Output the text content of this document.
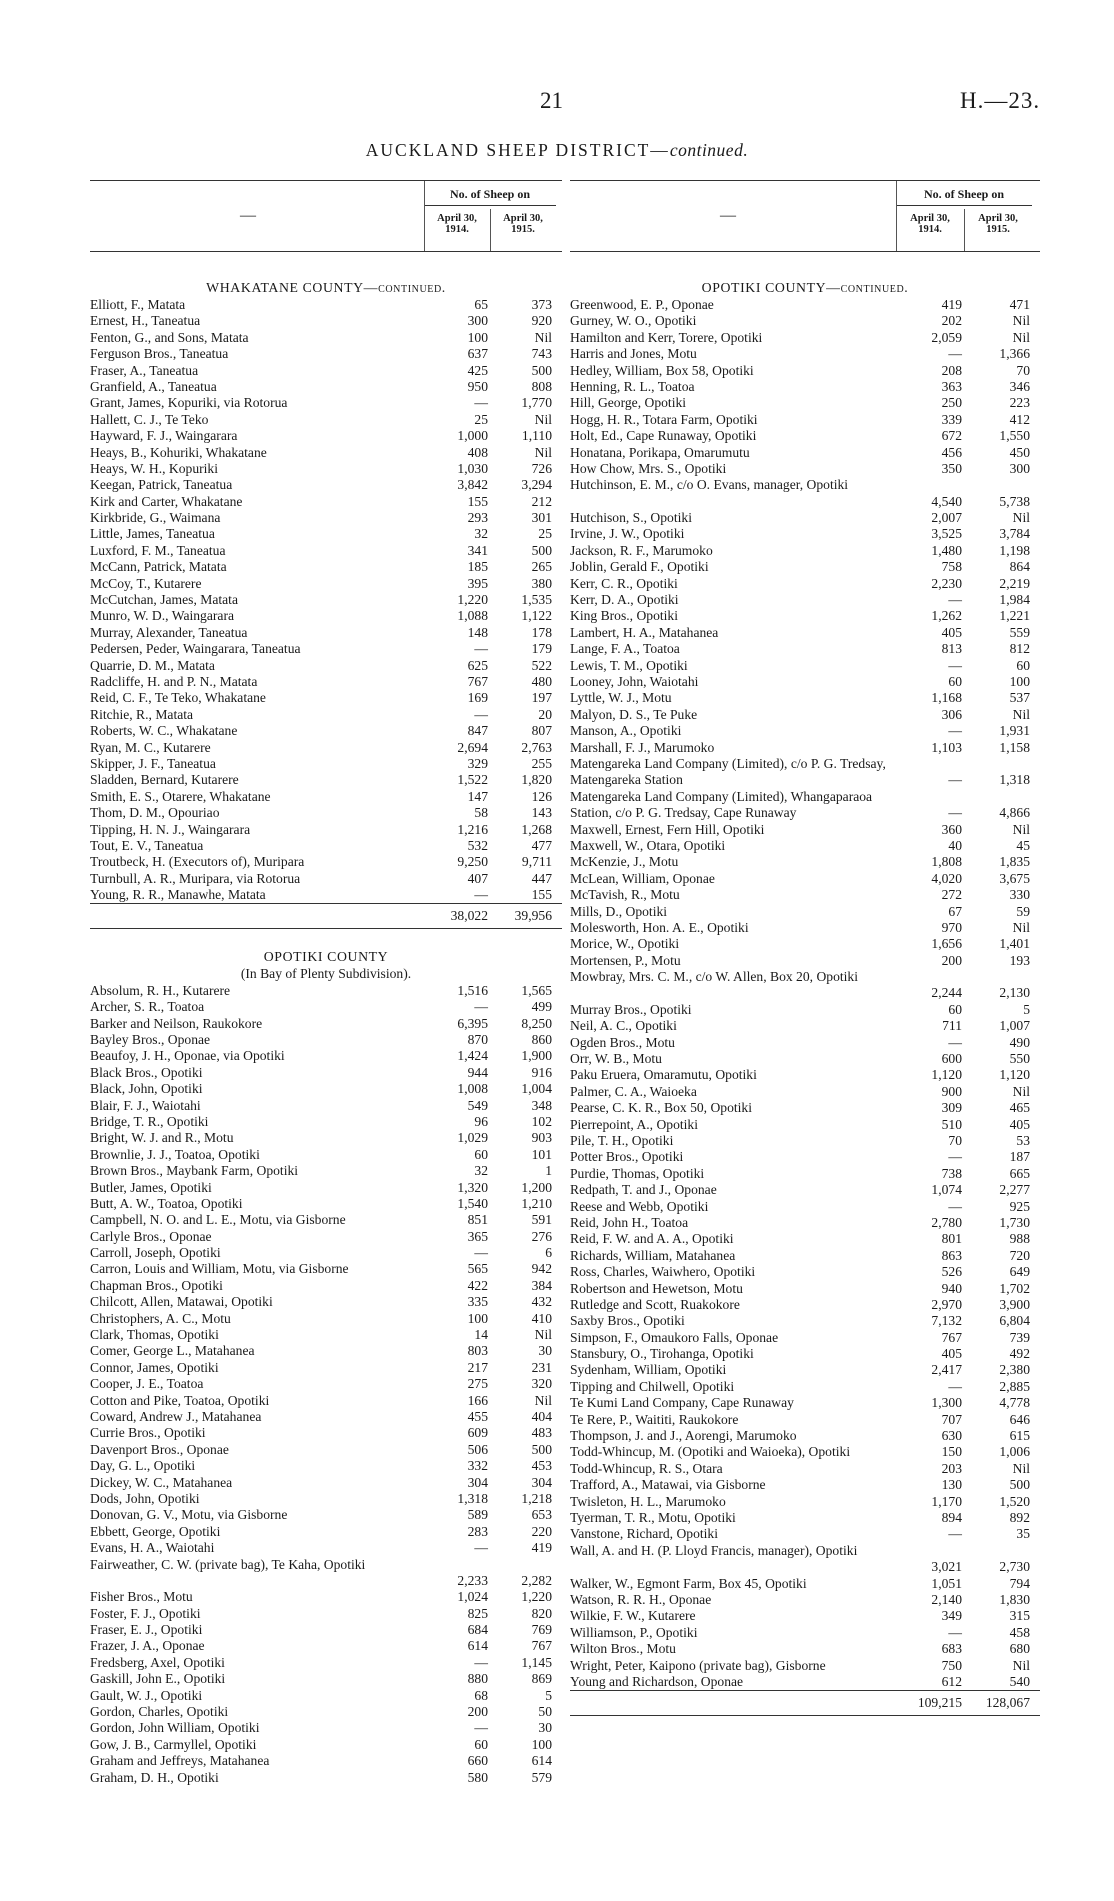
21	H.—23.
AUCKLAND SHEEP DISTRICT—continued.
—
No. of Sheep on
April 30, 1914.
April 30, 1915.
WHAKATANE COUNTY—continued.
Elliott, F., Matata	65	373
Ernest, H., Taneatua	300	920
Fenton, G., and Sons, Matata	100	Nil
Ferguson Bros., Taneatua	637	743
Fraser, A., Taneatua	425	500
Granfield, A., Taneatua	950	808
Grant, James, Kopuriki, via Rotorua	—	1,770
Hallett, C. J., Te Teko	25	Nil
Hayward, F. J., Waingarara	1,000	1,110
Heays, B., Kohuriki, Whakatane	408	Nil
Heays, W. H., Kopuriki	1,030	726
Keegan, Patrick, Taneatua	3,842	3,294
Kirk and Carter, Whakatane	155	212
Kirkbride, G., Waimana	293	301
Little, James, Taneatua	32	25
Luxford, F. M., Taneatua	341	500
McCann, Patrick, Matata	185	265
McCoy, T., Kutarere	395	380
McCutchan, James, Matata	1,220	1,535
Munro, W. D., Waingarara	1,088	1,122
Murray, Alexander, Taneatua	148	178
Pedersen, Peder, Waingarara, Taneatua	—	179
Quarrie, D. M., Matata	625	522
Radcliffe, H. and P. N., Matata	767	480
Reid, C. F., Te Teko, Whakatane	169	197
Ritchie, R., Matata	—	20
Roberts, W. C., Whakatane	847	807
Ryan, M. C., Kutarere	2,694	2,763
Skipper, J. F., Taneatua	329	255
Sladden, Bernard, Kutarere	1,522	1,820
Smith, E. S., Otarere, Whakatane	147	126
Thom, D. M., Opouriao	58	143
Tipping, H. N. J., Waingarara	1,216	1,268
Tout, E. V., Taneatua	532	477
Troutbeck, H. (Executors of), Muripara	9,250	9,711
Turnbull, A. R., Muripara, via Rotorua	407	447
Young, R. R., Manawhe, Matata	—	155
38,022	39,956
OPOTIKI COUNTY
(In Bay of Plenty Subdivision).
Absolum, R. H., Kutarere	1,516	1,565
Archer, S. R., Toatoa	—	499
Barker and Neilson, Raukokore	6,395	8,250
Bayley Bros., Oponae	870	860
Beaufoy, J. H., Oponae, via Opotiki	1,424	1,900
Black Bros., Opotiki	944	916
Black, John, Opotiki	1,008	1,004
Blair, F. J., Waiotahi	549	348
Bridge, T. R., Opotiki	96	102
Bright, W. J. and R., Motu	1,029	903
Brownlie, J. J., Toatoa, Opotiki	60	101
Brown Bros., Maybank Farm, Opotiki	32	1
Butler, James, Opotiki	1,320	1,200
Butt, A. W., Toatoa, Opotiki	1,540	1,210
Campbell, N. O. and L. E., Motu, via Gisborne	851	591
Carlyle Bros., Oponae	365	276
Carroll, Joseph, Opotiki	—	6
Carron, Louis and William, Motu, via Gisborne	565	942
Chapman Bros., Opotiki	422	384
Chilcott, Allen, Matawai, Opotiki	335	432
Christophers, A. C., Motu	100	410
Clark, Thomas, Opotiki	14	Nil
Comer, George L., Matahanea	803	30
Connor, James, Opotiki	217	231
Cooper, J. E., Toatoa	275	320
Cotton and Pike, Toatoa, Opotiki	166	Nil
Coward, Andrew J., Matahanea	455	404
Currie Bros., Opotiki	609	483
Davenport Bros., Oponae	506	500
Day, G. L., Opotiki	332	453
Dickey, W. C., Matahanea	304	304
Dods, John, Opotiki	1,318	1,218
Donovan, G. V., Motu, via Gisborne	589	653
Ebbett, George, Opotiki	283	220
Evans, H. A., Waiotahi	—	419
Fairweather, C. W. (private bag), Te Kaha, Opotiki
2,233	2,282
Fisher Bros., Motu	1,024	1,220
Foster, F. J., Opotiki	825	820
Fraser, E. J., Opotiki	684	769
Frazer, J. A., Oponae	614	767
Fredsberg, Axel, Opotiki	—	1,145
Gaskill, John E., Opotiki	880	869
Gault, W. J., Opotiki	68	5
Gordon, Charles, Opotiki	200	50
Gordon, John William, Opotiki	—	30
Gow, J. B., Carmyllel, Opotiki	60	100
Graham and Jeffreys, Matahanea	660	614
Graham, D. H., Opotiki	580	579
—
No. of Sheep on
April 30, 1914.
April 30, 1915.
OPOTIKI COUNTY—continued.
Greenwood, E. P., Oponae	419	471
Gurney, W. O., Opotiki	202	Nil
Hamilton and Kerr, Torere, Opotiki	2,059	Nil
Harris and Jones, Motu	—	1,366
Hedley, William, Box 58, Opotiki	208	70
Henning, R. L., Toatoa	363	346
Hill, George, Opotiki	250	223
Hogg, H. R., Totara Farm, Opotiki	339	412
Holt, Ed., Cape Runaway, Opotiki	672	1,550
Honatana, Porikapa, Omarumutu	456	450
How Chow, Mrs. S., Opotiki	350	300
Hutchinson, E. M., c/o O. Evans, manager, Opotiki
4,540	5,738
Hutchison, S., Opotiki	2,007	Nil
Irvine, J. W., Opotiki	3,525	3,784
Jackson, R. F., Marumoko	1,480	1,198
Joblin, Gerald F., Opotiki	758	864
Kerr, C. R., Opotiki	2,230	2,219
Kerr, D. A., Opotiki	—	1,984
King Bros., Opotiki	1,262	1,221
Lambert, H. A., Matahanea	405	559
Lange, F. A., Toatoa	813	812
Lewis, T. M., Opotiki	—	60
Looney, John, Waiotahi	60	100
Lyttle, W. J., Motu	1,168	537
Malyon, D. S., Te Puke	306	Nil
Manson, A., Opotiki	—	1,931
Marshall, F. J., Marumoko	1,103	1,158
Matengareka Land Company (Limited), c/o P. G. Tredsay, Matengareka Station	—	1,318
Matengareka Land Company (Limited), Whangaparaoa Station, c/o P. G. Tredsay, Cape Runaway	—	4,866
Maxwell, Ernest, Fern Hill, Opotiki	360	Nil
Maxwell, W., Otara, Opotiki	40	45
McKenzie, J., Motu	1,808	1,835
McLean, William, Oponae	4,020	3,675
McTavish, R., Motu	272	330
Mills, D., Opotiki	67	59
Molesworth, Hon. A. E., Opotiki	970	Nil
Morice, W., Opotiki	1,656	1,401
Mortensen, P., Motu	200	193
Mowbray, Mrs. C. M., c/o W. Allen, Box 20, Opotiki
2,244	2,130
Murray Bros., Opotiki	60	5
Neil, A. C., Opotiki	711	1,007
Ogden Bros., Motu	—	490
Orr, W. B., Motu	600	550
Paku Eruera, Omaramutu, Opotiki	1,120	1,120
Palmer, C. A., Waioeka	900	Nil
Pearse, C. K. R., Box 50, Opotiki	309	465
Pierrepoint, A., Opotiki	510	405
Pile, T. H., Opotiki	70	53
Potter Bros., Opotiki	—	187
Purdie, Thomas, Opotiki	738	665
Redpath, T. and J., Oponae	1,074	2,277
Reese and Webb, Opotiki	—	925
Reid, John H., Toatoa	2,780	1,730
Reid, F. W. and A. A., Opotiki	801	988
Richards, William, Matahanea	863	720
Ross, Charles, Waiwhero, Opotiki	526	649
Robertson and Hewetson, Motu	940	1,702
Rutledge and Scott, Ruakokore	2,970	3,900
Saxby Bros., Opotiki	7,132	6,804
Simpson, F., Omaukoro Falls, Oponae	767	739
Stansbury, O., Tirohanga, Opotiki	405	492
Sydenham, William, Opotiki	2,417	2,380
Tipping and Chilwell, Opotiki	—	2,885
Te Kumi Land Company, Cape Runaway	1,300	4,778
Te Rere, P., Waititi, Raukokore	707	646
Thompson, J. and J., Aorengi, Marumoko	630	615
Todd-Whincup, M. (Opotiki and Waioeka), Opotiki	150	1,006
Todd-Whincup, R. S., Otara	203	Nil
Trafford, A., Matawai, via Gisborne	130	500
Twisleton, H. L., Marumoko	1,170	1,520
Tyerman, T. R., Motu, Opotiki	894	892
Vanstone, Richard, Opotiki	—	35
Wall, A. and H. (P. Lloyd Francis, manager), Opotiki
3,021	2,730
Walker, W., Egmont Farm, Box 45, Opotiki	1,051	794
Watson, R. R. H., Oponae	2,140	1,830
Wilkie, F. W., Kutarere	349	315
Williamson, P., Opotiki	—	458
Wilton Bros., Motu	683	680
Wright, Peter, Kaipono (private bag), Gisborne	750	Nil
Young and Richardson, Oponae	612	540
109,215	128,067
